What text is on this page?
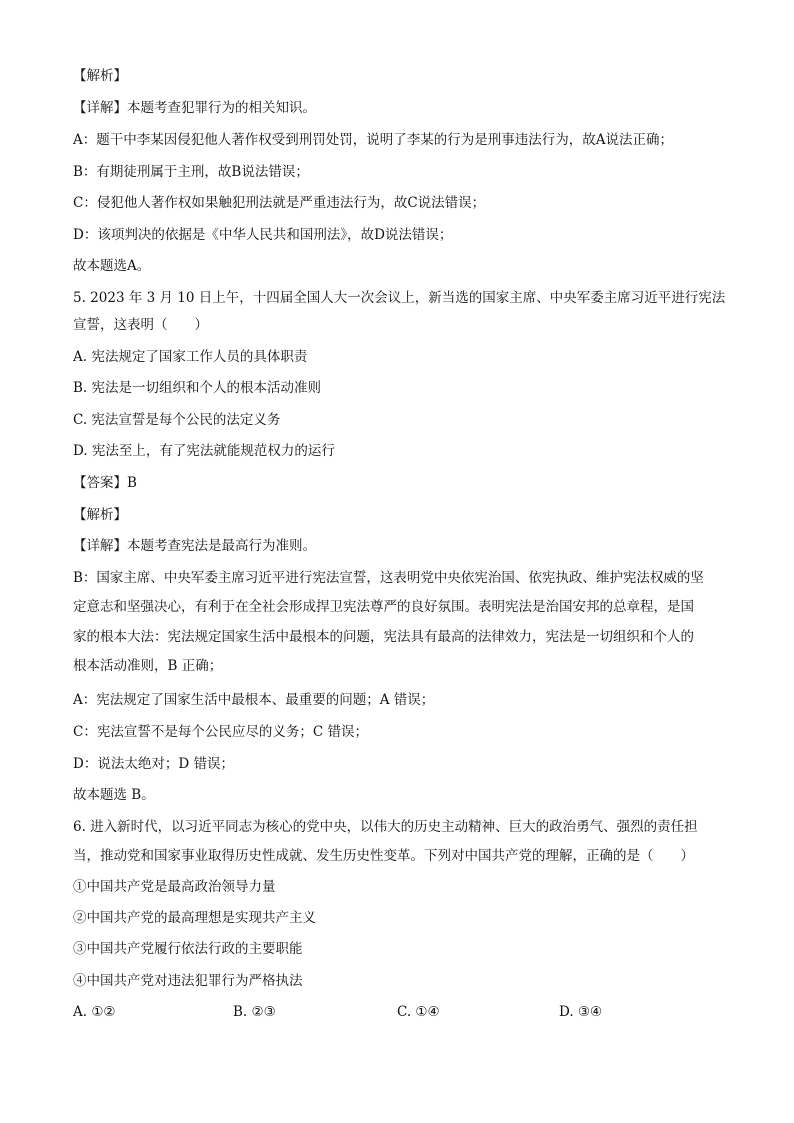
【解析】
【详解】本题考查犯罪行为的相关知识。
A：题干中李某因侵犯他人著作权受到刑罚处罚，说明了李某的行为是刑事违法行为，故A说法正确；
B：有期徒刑属于主刑，故B说法错误；
C：侵犯他人著作权如果触犯刑法就是严重违法行为，故C说法错误；
D：该项判决的依据是《中华人民共和国刑法》，故D说法错误；
故本题选A。
5. 2023 年 3 月 10 日上午，十四届全国人大一次会议上，新当选的国家主席、中央军委主席习近平进行宪法
宣誓，这表明（　　）
A. 宪法规定了国家工作人员的具体职责
B. 宪法是一切组织和个人的根本活动准则
C. 宪法宣誓是每个公民的法定义务
D. 宪法至上，有了宪法就能规范权力的运行
【答案】B
【解析】
【详解】本题考查宪法是最高行为准则。
B：国家主席、中央军委主席习近平进行宪法宣誓，这表明党中央依宪治国、依宪执政、维护宪法权威的坚
定意志和坚强决心，有利于在全社会形成捍卫宪法尊严的良好氛围。表明宪法是治国安邦的总章程，是国
家的根本大法：宪法规定国家生活中最根本的问题，宪法具有最高的法律效力，宪法是一切组织和个人的
根本活动准则，B 正确；
A：宪法规定了国家生活中最根本、最重要的问题；A 错误；
C：宪法宣誓不是每个公民应尽的义务；C 错误；
D：说法太绝对；D 错误；
故本题选 B。
6. 进入新时代，以习近平同志为核心的党中央，以伟大的历史主动精神、巨大的政治勇气、强烈的责任担
当，推动党和国家事业取得历史性成就、发生历史性变革。下列对中国共产党的理解，正确的是（　　）
①中国共产党是最高政治领导力量
②中国共产党的最高理想是实现共产主义
③中国共产党履行依法行政的主要职能
④中国共产党对违法犯罪行为严格执法
A. ①②	B. ②③	C. ①④	D. ③④
